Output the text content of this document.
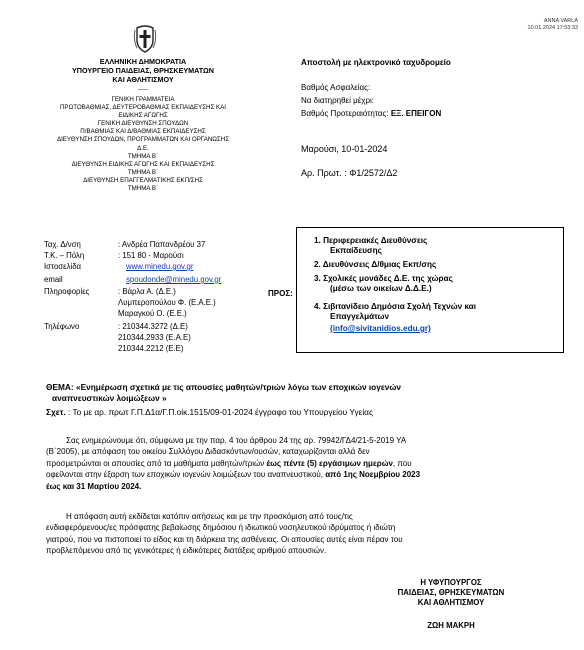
ANNA VARLA
10.01.2024 17:53:33
ΕΛΛΗΝΙΚΗ ΔΗΜΟΚΡΑΤΙΑ
ΥΠΟΥΡΓΕΙΟ ΠΑΙΔΕΙΑΣ, ΘΡΗΣΚΕΥΜΑΤΩΝ
ΚΑΙ ΑΘΛΗΤΙΣΜΟΥ
-----
ΓΕΝΙΚΗ ΓΡΑΜΜΑΤΕΙΑ
ΠΡΩΤΟΒΑΘΜΙΑΣ, ΔΕΥΤΕΡΟΒΑΘΜΙΑΣ ΕΚΠΑΙΔΕΥΣΗΣ ΚΑΙ
ΕΙΔΙΚΗΣ ΑΓΩΓΗΣ
ΓΕΝΙΚΗ ΔΙΕΥΘΥΝΣΗ ΣΠΟΥΔΩΝ
Π/ΒΑΘΜΙΑΣ ΚΑΙ Δ/ΒΑΘΜΙΑΣ ΕΚΠΑΙΔΕΥΣΗΣ
ΔΙΕΥΘΥΝΣΗ ΣΠΟΥΔΩΝ, ΠΡΟΓΡΑΜΜΑΤΩΝ ΚΑΙ ΟΡΓΑΝΩΣΗΣ
Δ.Ε.
ΤΜΗΜΑ Β΄
ΔΙΕΥΘΥΝΣΗ ΕΙΔΙΚΗΣ ΑΓΩΓΗΣ ΚΑΙ ΕΚΠΑΙΔΕΥΣΗΣ
ΤΜΗΜΑ Β΄
ΔΙΕΥΘΥΝΣΗ ΕΠΑΓΓΕΛΜΑΤΙΚΗΣ ΕΚΠ/ΣΗΣ
ΤΜΗΜΑ Β΄
Αποστολή με ηλεκτρονικό ταχυδρομείο
Βαθμός Ασφαλείας:
Να διατηρηθεί μέχρι:
Βαθμός Προτεραιότητας: ΕΞ. ΕΠΕΙΓΟΝ
Μαρούσι, 10-01-2024
Αρ. Πρωτ. : Φ1/2572/Δ2
Ταχ. Δ/νση	: Ανδρέα Παπανδρέου 37
Τ.Κ. – Πόλη	: 151 80 - Μαρούσι
Ιστοσελίδα	www.minedu.gov.gr
email	spoudonde@minedu.gov.gr
Πληροφορίες	: Βάρλα Α. (Δ.Ε.)
Λυμπεροπούλου Φ. (Ε.Α.Ε.)
Μαραγκού Ο. (Ε.Ε.)
Τηλέφωνο	: 210344.3272 (Δ.Ε)
210344.2933 (Ε.Α.Ε)
210344.2212 (Ε.Ε)
ΠΡΟΣ:
1. Περιφερειακές Διευθύνσεις
Εκπαίδευσης
2. Διευθύνσεις Δ/θμιας Εκπ/σης
3. Σχολικές μονάδες Δ.Ε. της χώρας
(μέσω των οικείων Δ.Δ.Ε.)
4. Σιβιτανίδειο Δημόσια Σχολή Τεχνών και
Επαγγελμάτων
(info@sivitanidios.edu.gr)
ΘΕΜΑ: «Ενημέρωση σχετικά με τις απουσίες μαθητών/τριών λόγω των εποχικών ιογενών
αναπνευστικών λοιμώξεων »
Σχετ. : Το με αρ. πρωτ Γ.Π.Δ1α/Γ.Π.οίκ.1515/09-01-2024 έγγραφο του Υπουργείου Υγείας
Σας ενημερώνουμε ότι, σύμφωνα με την παρ. 4 του άρθρου 24 της αρ. 79942/ΓΔ4/21-5-2019 ΥΑ
(Β΄2005), με απόφαση του οικείου Συλλόγου Διδασκόντων/ουσών, καταχωρίζονται αλλά δεν
προσμετρώνται οι απουσίες από τα μαθήματα μαθητών/τριών έως πέντε (5) εργάσιμων ημερών, που
οφείλονται στην έξαρση των εποχικών ιογενών λοιμώξεων του αναπνευστικού, από 1ης Νοεμβρίου 2023
έως και 31 Μαρτίου 2024.
Η απόφαση αυτή εκδίδεται κατόπιν αιτήσεως και με την προσκόμιση από τους/τις
ενδιαφερόμενους/ες πρόσφατης βεβαίωσης δημόσιου ή ιδιωτικού νοσηλευτικού ιδρύματος ή ιδιώτη
γιατρού, που να πιστοποιεί το είδος και τη διάρκεια της ασθένειας. Οι απουσίες αυτές είναι πέραν του
προβλεπόμενου από τις γενικότερες ή ειδικότερες διατάξεις αριθμού απουσιών.
Η ΥΦΥΠΟΥΡΓΟΣ
ΠΑΙΔΕΙΑΣ, ΘΡΗΣΚΕΥΜΑΤΩΝ
ΚΑΙ ΑΘΛΗΤΙΣΜΟΥ
ΖΩΗ ΜΑΚΡΗ
